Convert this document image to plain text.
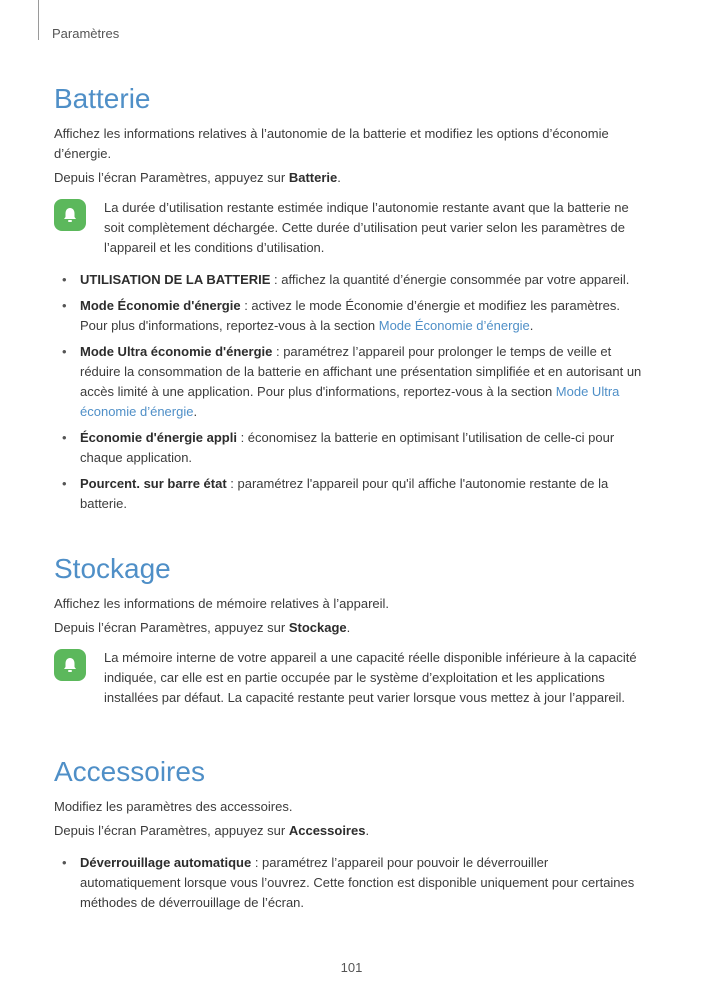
Paramètres
Batterie

Affichez les informations relatives à l’autonomie de la batterie et modifiez les options d’économie d’énergie.

Depuis l’écran Paramètres, appuyez sur Batterie.

La durée d’utilisation restante estimée indique l’autonomie restante avant que la batterie ne soit complètement déchargée. Cette durée d’utilisation peut varier selon les paramètres de l’appareil et les conditions d’utilisation.
• UTILISATION DE LA BATTERIE : affichez la quantité d’énergie consommée par votre appareil.
• Mode Économie d'énergie : activez le mode Économie d’énergie et modifiez les paramètres. Pour plus d'informations, reportez-vous à la section Mode Économie d’énergie.
• Mode Ultra économie d'énergie : paramétrez l’appareil pour prolonger le temps de veille et réduire la consommation de la batterie en affichant une présentation simplifiée et en autorisant un accès limité à une application. Pour plus d'informations, reportez-vous à la section Mode Ultra économie d’énergie.
• Économie d'énergie appli : économisez la batterie en optimisant l’utilisation de celle-ci pour chaque application.
• Pourcent. sur barre état : paramétrez l'appareil pour qu'il affiche l'autonomie restante de la batterie.
Stockage

Affichez les informations de mémoire relatives à l’appareil.

Depuis l’écran Paramètres, appuyez sur Stockage.

La mémoire interne de votre appareil a une capacité réelle disponible inférieure à la capacité indiquée, car elle est en partie occupée par le système d’exploitation et les applications installées par défaut. La capacité restante peut varier lorsque vous mettez à jour l’appareil.
Accessoires

Modifiez les paramètres des accessoires.

Depuis l’écran Paramètres, appuyez sur Accessoires.

• Déverrouillage automatique : paramétrez l’appareil pour pouvoir le déverrouiller automatiquement lorsque vous l’ouvrez. Cette fonction est disponible uniquement pour certaines méthodes de déverrouillage de l’écran.
101
